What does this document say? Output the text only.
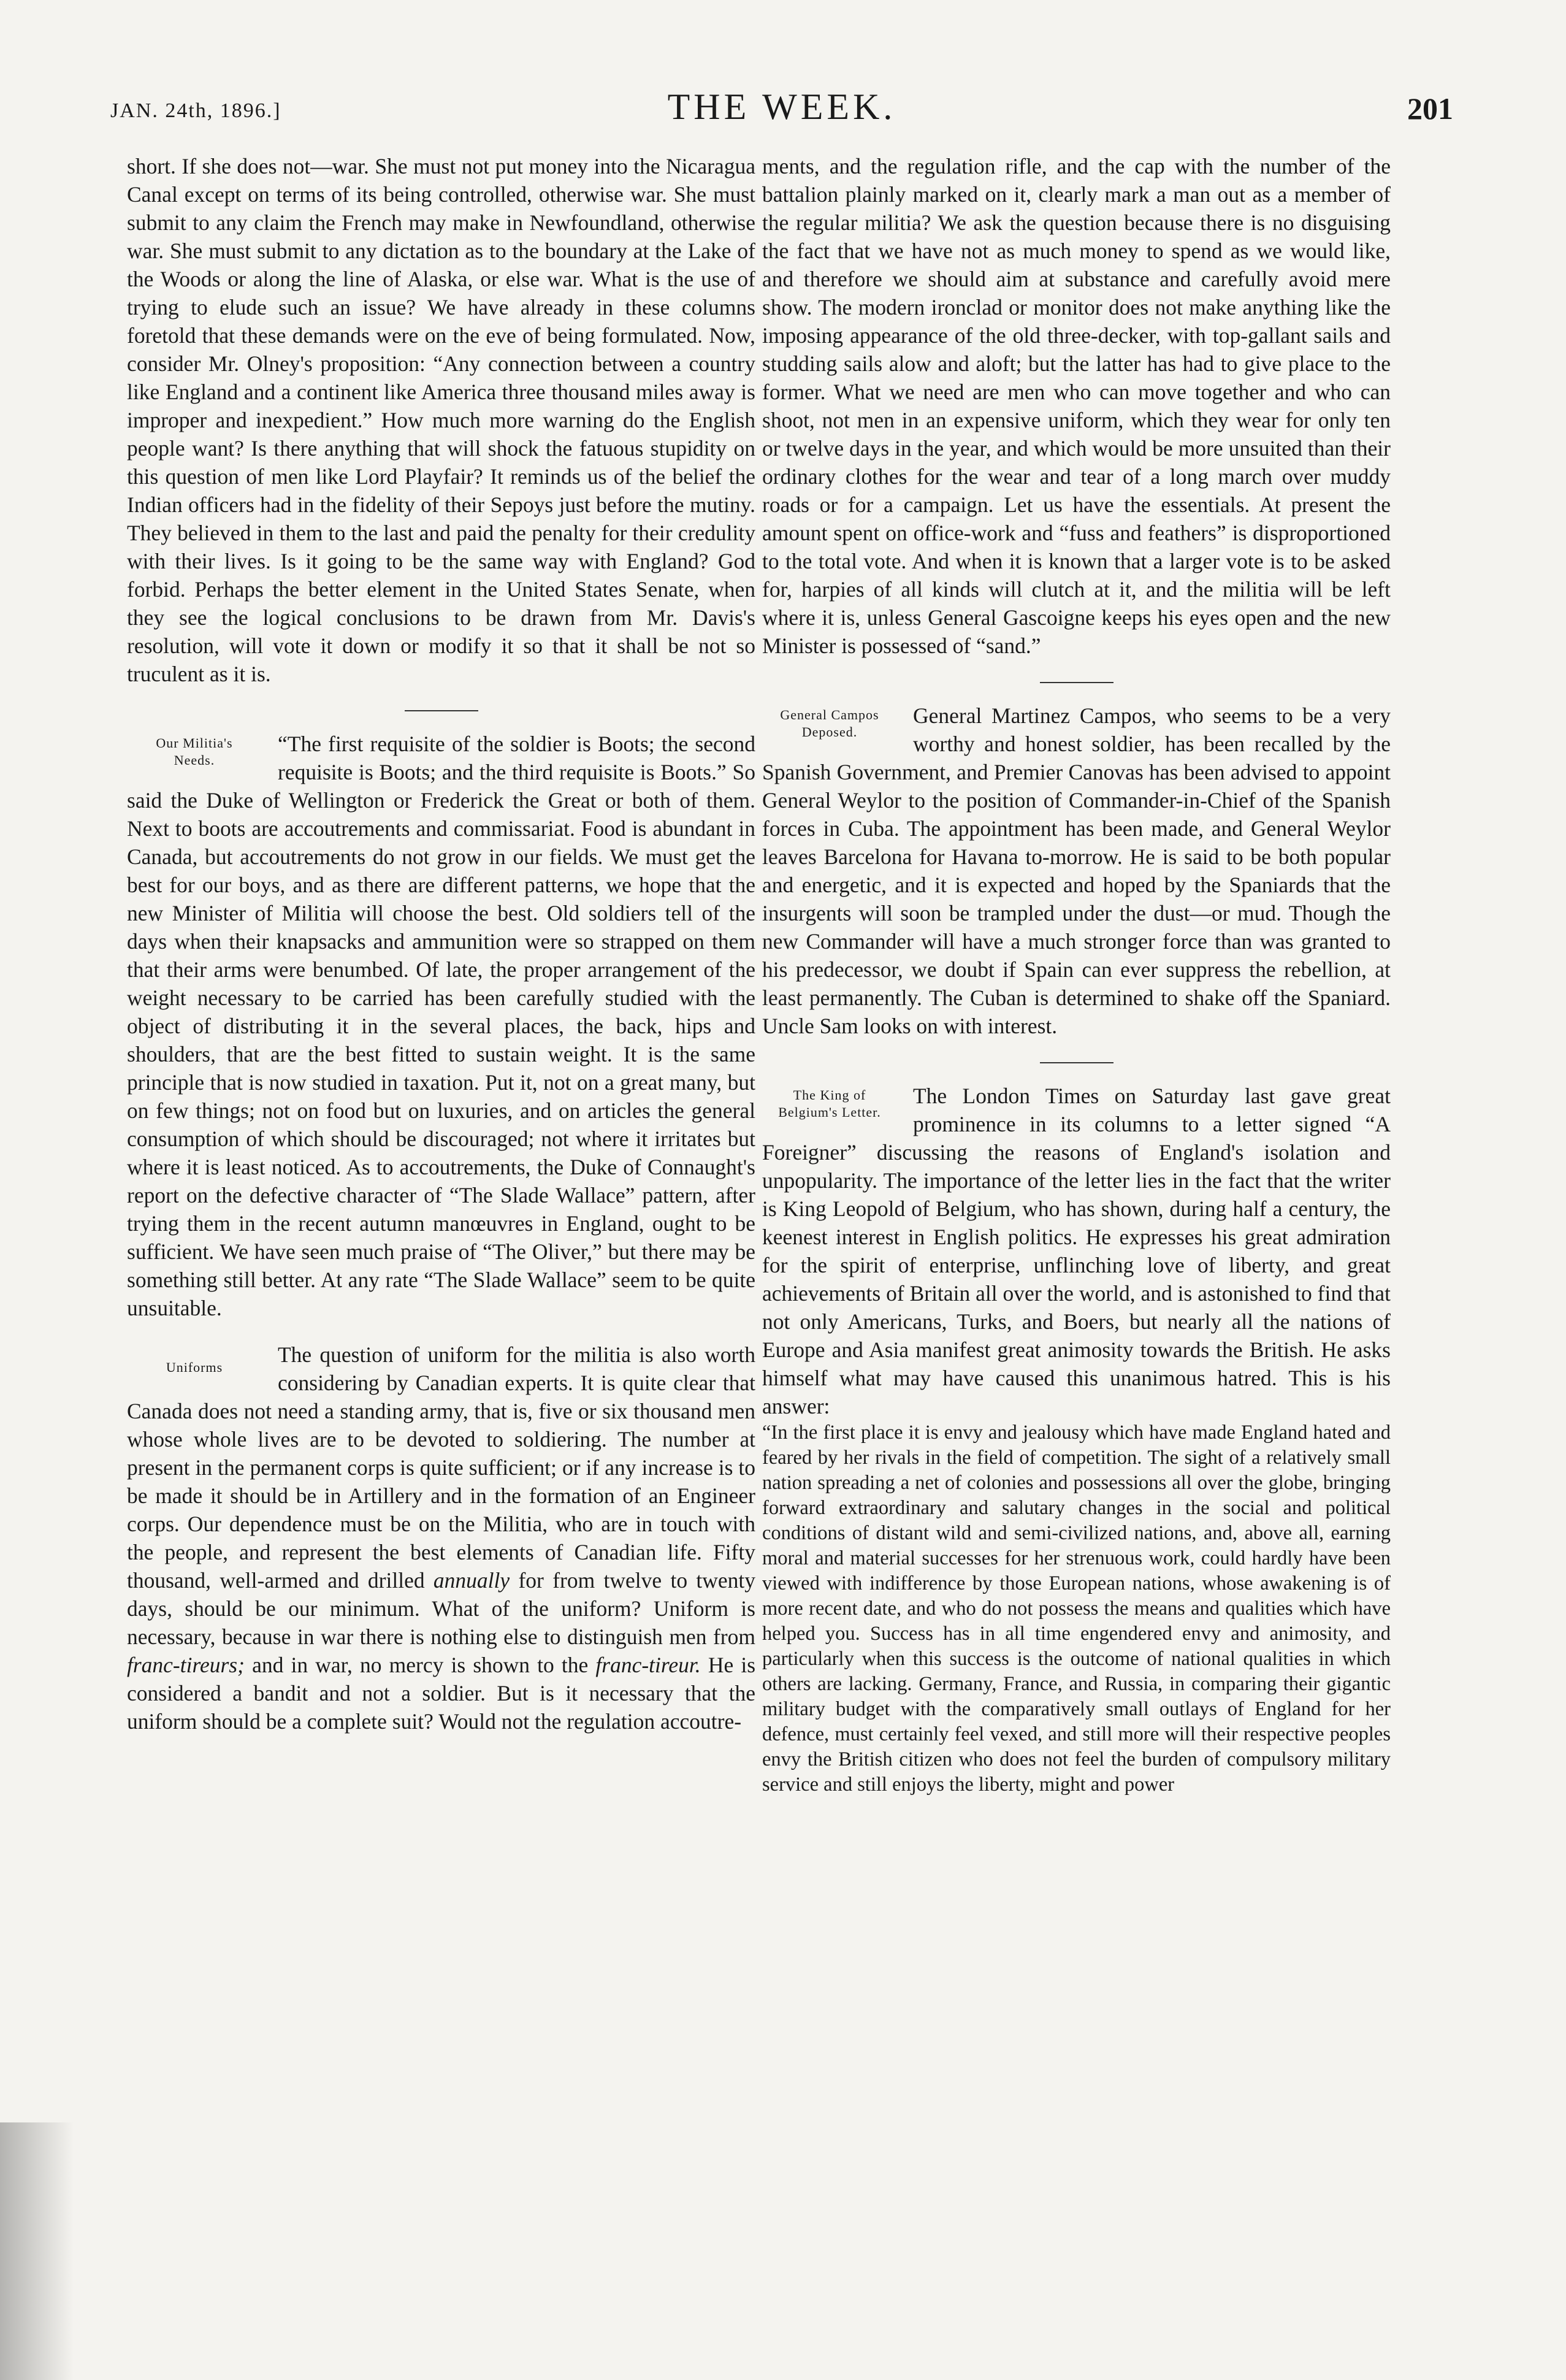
JAN. 24th, 1896.]	THE WEEK.	201

short. If she does not—war. She must not put money into the Nicaragua Canal except on terms of its being controlled, otherwise war. She must submit to any claim the French may make in Newfoundland, otherwise war. She must submit to any dictation as to the boundary at the Lake of the Woods or along the line of Alaska, or else war. What is the use of trying to elude such an issue? We have already in these columns foretold that these demands were on the eve of being formulated. Now, consider Mr. Olney's proposition: “Any connection between a country like England and a continent like America three thousand miles away is improper and inexpedient.” How much more warning do the English people want? Is there anything that will shock the fatuous stupidity on this question of men like Lord Playfair? It reminds us of the belief the Indian officers had in the fidelity of their Sepoys just before the mutiny. They believed in them to the last and paid the penalty for their credulity with their lives. Is it going to be the same way with England? God forbid. Perhaps the better element in the United States Senate, when they see the logical conclusions to be drawn from Mr. Davis's resolution, will vote it down or modify it so that it shall be not so truculent as it is.

Our Militia's
Needs.

“The first requisite of the soldier is Boots; the second requisite is Boots; and the third requisite is Boots.” So said the Duke of Wellington or Frederick the Great or both of them. Next to boots are accoutrements and commissariat. Food is abundant in Canada, but accoutrements do not grow in our fields. We must get the best for our boys, and as there are different patterns, we hope that the new Minister of Militia will choose the best. Old soldiers tell of the days when their knapsacks and ammunition were so strapped on them that their arms were benumbed. Of late, the proper arrangement of the weight necessary to be carried has been carefully studied with the object of distributing it in the several places, the back, hips and shoulders, that are the best fitted to sustain weight. It is the same principle that is now studied in taxation. Put it, not on a great many, but on few things; not on food but on luxuries, and on articles the general consumption of which should be discouraged; not where it irritates but where it is least noticed. As to accoutrements, the Duke of Connaught's report on the defective character of “The Slade Wallace” pattern, after trying them in the recent autumn manœuvres in England, ought to be sufficient. We have seen much praise of “The Oliver,” but there may be something still better. At any rate “The Slade Wallace” seem to be quite unsuitable.

Uniforms

The question of uniform for the militia is also worth considering by Canadian experts. It is quite clear that Canada does not need a standing army, that is, five or six thousand men whose whole lives are to be devoted to soldiering. The number at present in the permanent corps is quite sufficient; or if any increase is to be made it should be in Artillery and in the formation of an Engineer corps. Our dependence must be on the Militia, who are in touch with the people, and represent the best elements of Canadian life. Fifty thousand, well-armed and drilled annually for from twelve to twenty days, should be our minimum. What of the uniform? Uniform is necessary, because in war there is nothing else to distinguish men from franc-tireurs; and in war, no mercy is shown to the franc-tireur. He is considered a bandit and not a soldier. But is it necessary that the uniform should be a complete suit? Would not the regulation accoutre-

ments, and the regulation rifle, and the cap with the number of the battalion plainly marked on it, clearly mark a man out as a member of the regular militia? We ask the question because there is no disguising the fact that we have not as much money to spend as we would like, and therefore we should aim at substance and carefully avoid mere show. The modern ironclad or monitor does not make anything like the imposing appearance of the old three-decker, with top-gallant sails and studding sails alow and aloft; but the latter has had to give place to the former. What we need are men who can move together and who can shoot, not men in an expensive uniform, which they wear for only ten or twelve days in the year, and which would be more unsuited than their ordinary clothes for the wear and tear of a long march over muddy roads or for a campaign. Let us have the essentials. At present the amount spent on office-work and “fuss and feathers” is disproportioned to the total vote. And when it is known that a larger vote is to be asked for, harpies of all kinds will clutch at it, and the militia will be left where it is, unless General Gascoigne keeps his eyes open and the new Minister is possessed of “sand.”

General Campos
Deposed.

General Martinez Campos, who seems to be a very worthy and honest soldier, has been recalled by the Spanish Government, and Premier Canovas has been advised to appoint General Weylor to the position of Commander-in-Chief of the Spanish forces in Cuba. The appointment has been made, and General Weylor leaves Barcelona for Havana to-morrow. He is said to be both popular and energetic, and it is expected and hoped by the Spaniards that the insurgents will soon be trampled under the dust—or mud. Though the new Commander will have a much stronger force than was granted to his predecessor, we doubt if Spain can ever suppress the rebellion, at least permanently. The Cuban is determined to shake off the Spaniard. Uncle Sam looks on with interest.

The King of
Belgium's Letter.

The London Times on Saturday last gave great prominence in its columns to a letter signed “A Foreigner” discussing the reasons of England's isolation and unpopularity. The importance of the letter lies in the fact that the writer is King Leopold of Belgium, who has shown, during half a century, the keenest interest in English politics. He expresses his great admiration for the spirit of enterprise, unflinching love of liberty, and great achievements of Britain all over the world, and is astonished to find that not only Americans, Turks, and Boers, but nearly all the nations of Europe and Asia manifest great animosity towards the British. He asks himself what may have caused this unanimous hatred. This is his answer:

“In the first place it is envy and jealousy which have made England hated and feared by her rivals in the field of competition. The sight of a relatively small nation spreading a net of colonies and possessions all over the globe, bringing forward extraordinary and salutary changes in the social and political conditions of distant wild and semi-civilized nations, and, above all, earning moral and material successes for her strenuous work, could hardly have been viewed with indifference by those European nations, whose awakening is of more recent date, and who do not possess the means and qualities which have helped you. Success has in all time engendered envy and animosity, and particularly when this success is the outcome of national qualities in which others are lacking. Germany, France, and Russia, in comparing their gigantic military budget with the comparatively small outlays of England for her defence, must certainly feel vexed, and still more will their respective peoples envy the British citizen who does not feel the burden of compulsory military service and still enjoys the liberty, might and power
